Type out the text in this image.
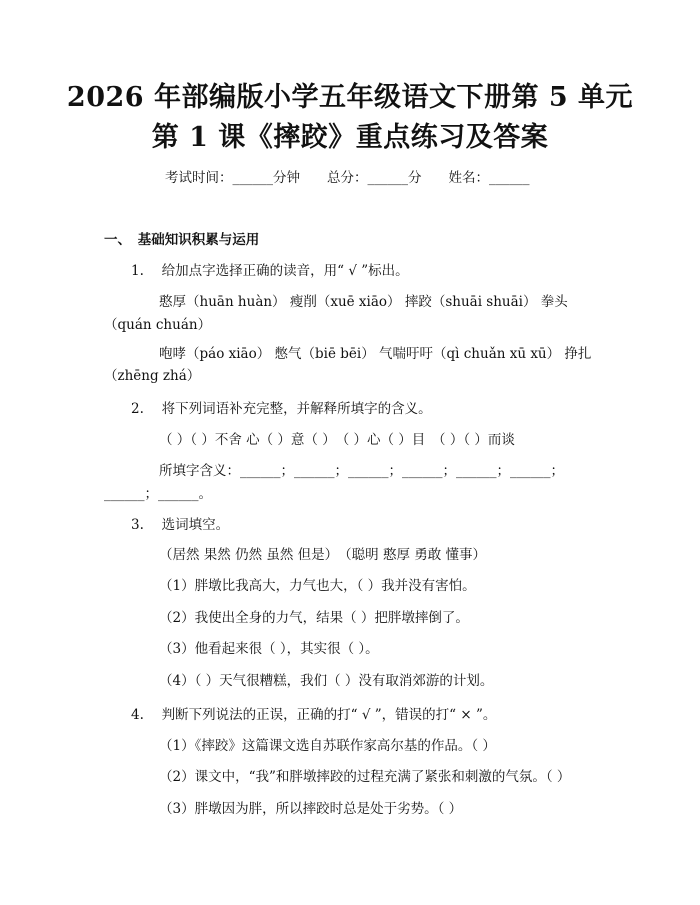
2026 年部编版小学五年级语文下册第 5 单元
第 1 课《摔跤》重点练习及答案
考试时间：______分钟　　总分：______分　　姓名：______
一、　基础知识积累与运用
1.　 给加点字选择正确的读音，用“ √ ”标出。
憨厚（huān huàn） 瘦削（xuē xiāo） 摔跤（shuāi shuāi） 拳头
（quán chuán）
咆哮（páo xiāo） 憋气（biē bēi） 气喘吁吁（qì chuǎn xū xū） 挣扎
（zhēng zhá）
2.　 将下列词语补充完整，并解释所填字的含义。
（ ）（ ）不舍 心（ ）意（ ）　（ ）心（ ）目　（ ）（ ）而谈
所填字含义：______；______；______；______；______；______；
______；______。
3.　 选词填空。
（居然 果然 仍然 虽然 但是）　（聪明 憨厚 勇敢 懂事）
（1）胖墩比我高大，力气也大，（ ）我并没有害怕。
（2）我使出全身的力气，结果（ ）把胖墩摔倒了。
（3）他看起来很（ ），其实很（ ）。
（4）（ ）天气很糟糕，我们（ ）没有取消郊游的计划。
4.　 判断下列说法的正误，正确的打“ √ ”，错误的打“ × ”。
（1）《摔跤》这篇课文选自苏联作家高尔基的作品。（ ）
（2）课文中，“我”和胖墩摔跤的过程充满了紧张和刺激的气氛。（ ）
（3）胖墩因为胖，所以摔跤时总是处于劣势。（ ）
